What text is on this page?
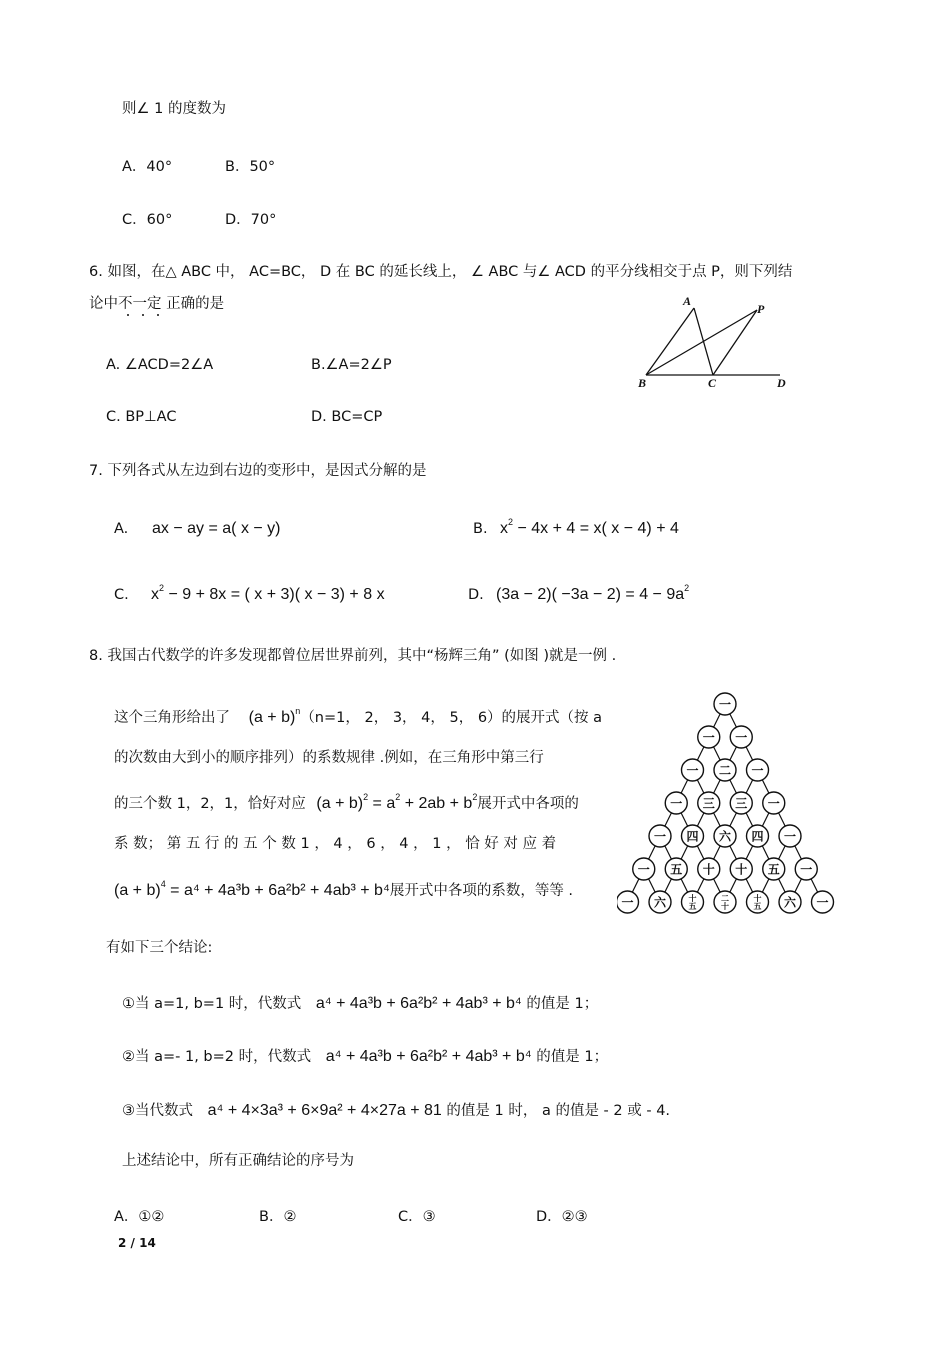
则∠ 1 的度数为
A．40°	B．50°
C．60°	D．70°
6. 如图，在△ ABC 中， AC=BC， D 在 BC 的延长线上， ∠ ABC 与∠ ACD 的平分线相交于点 P，则下列结
论中不一定 正确的是	A
P
B	C	D
A. ∠ACD=2∠A	B.∠A=2∠P
C. BP⊥AC	D. BC=CP
7. 下列各式从左边到右边的变形中，是因式分解的是
A. ax − ay = a( x − y)	B. $x^2 - 4x + 4 = x$( x − 4) + 4
C. $x^2 - 9 + 8x$ = ( x + 3)( x − 3) + 8 x	D. $(3a - 2)( -3a - 2) = 4 - 9a^2$
8. 我国古代数学的许多发现都曾位居世界前列，其中“杨辉三角” (如图 )就是一例 .
这个三角形给出了 $(a + b)^n(n=1$， 2， 3， 4， 5， 6）的展开式（按 a
的次数由大到小的顺序排列）的系数规律 .例如，在三角形中第三行
的三个数 1，2，1，恰好对应 $(a + b)^2 = a^2 + 2ab + b^2$展开式中各项的
系 数； 第 五 行 的 五 个 数 1 ， 4 ， 6 ， 4 ， 1 ， 恰 好 对 应 着
$(a + b)^4 = a^4 + 4a^3b + 6a^2b^2 + 4ab^3 + b^4$展开式中各项的系数，等等 .
一
一 一
一 二 一
一 三 三 一
一 四 六 四 一
一 五 十 十 五 一
一 六	十
五
二
十
十
五 六 一
有如下三个结论:
①当 a=1, b=1 时，代数式 a⁴ + 4a³b + 6a²b² + 4ab³ + b⁴ 的值是 1；
②当 a=- 1, b=2 时，代数式 a⁴ + 4a³b + 6a²b² + 4ab³ + b⁴ 的值是 1；
③当代数式 a⁴ + 4×3a³ + 6×9a² + 4×27a + 81 的值是 1 时， a 的值是 - 2 或 - 4.
上述结论中，所有正确结论的序号为
A．①②	B．②	C．③	D．②③
2 / 14
